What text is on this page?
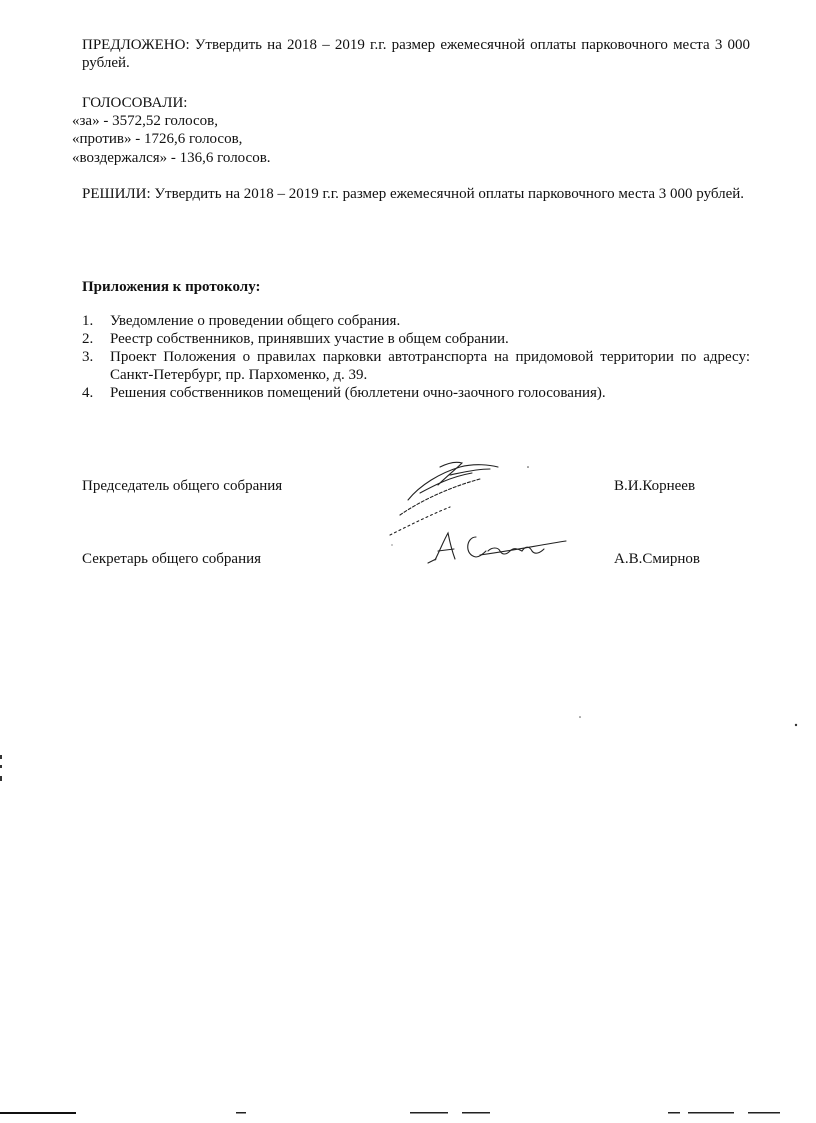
ПРЕДЛОЖЕНО: Утвердить на 2018 – 2019 г.г. размер ежемесячной оплаты парковочного места 3 000 рублей.
ГОЛОСОВАЛИ:
«за» - 3572,52 голосов,
«против» - 1726,6 голосов,
«воздержался» - 136,6 голосов.
РЕШИЛИ: Утвердить на 2018 – 2019 г.г. размер ежемесячной оплаты парковочного места 3 000 рублей.
Приложения к протоколу:
1. Уведомление о проведении общего собрания.
2. Реестр собственников, принявших участие в общем собрании.
3. Проект Положения о правилах парковки автотранспорта на придомовой территории по адресу: Санкт-Петербург, пр. Пархоменко, д. 39.
4. Решения собственников помещений (бюллетени очно-заочного голосования).
Председатель общего собрания	В.И.Корнеев
Секретарь общего собрания	А.В.Смирнов
